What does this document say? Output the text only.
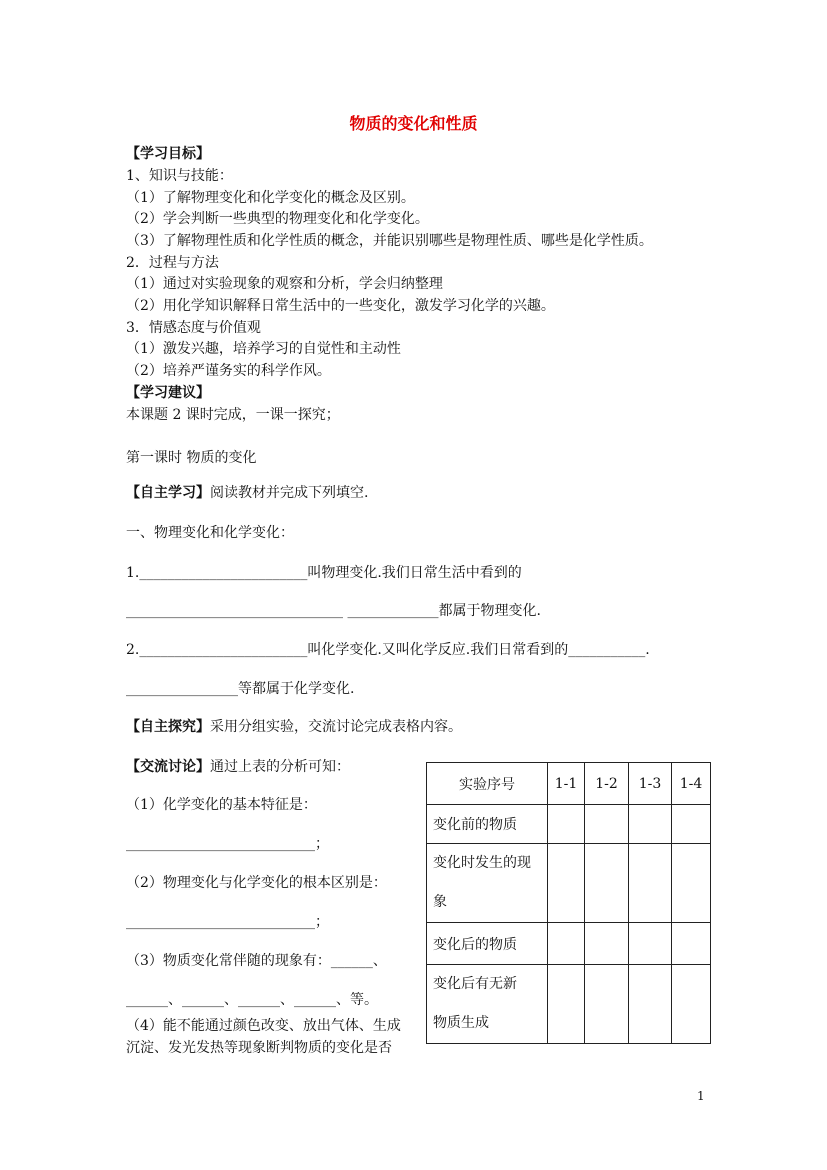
物质的变化和性质
【学习目标】
1、知识与技能：
（1）了解物理变化和化学变化的概念及区别。
（2）学会判断一些典型的物理变化和化学变化。
（3）了解物理性质和化学性质的概念，并能识别哪些是物理性质、哪些是化学性质。
2．过程与方法
（1）通过对实验现象的观察和分析，学会归纳整理
（2）用化学知识解释日常生活中的一些变化，激发学习化学的兴趣。
3．情感态度与价值观
（1）激发兴趣，培养学习的自觉性和主动性
（2）培养严谨务实的科学作风。
【学习建议】
本课题 2 课时完成，一课一探究；
第一课时 物质的变化
【自主学习】阅读教材并完成下列填空.
一、物理变化和化学变化：
1.________________________叫物理变化.我们日常生活中看到的
_______________________________ _____________都属于物理变化.
2.________________________叫化学变化.又叫化学反应.我们日常看到的___________.
________________等都属于化学变化.
【自主探究】采用分组实验，交流讨论完成表格内容。
【交流讨论】通过上表的分析可知：
（1）化学变化的基本特征是：
___________________________；
（2）物理变化与化学变化的根本区别是：
___________________________；
（3）物质变化常伴随的现象有：______、
______、______、______、______、等。
（4）能不能通过颜色改变、放出气体、生成
沉淀、发光发热等现象断判物质的变化是否
实验序号	1-1	1-2	1-3	1-4
变化前的物质				

变化时发生的现
象				

变化后的物质				

变化后有无新
物质生成				

1
